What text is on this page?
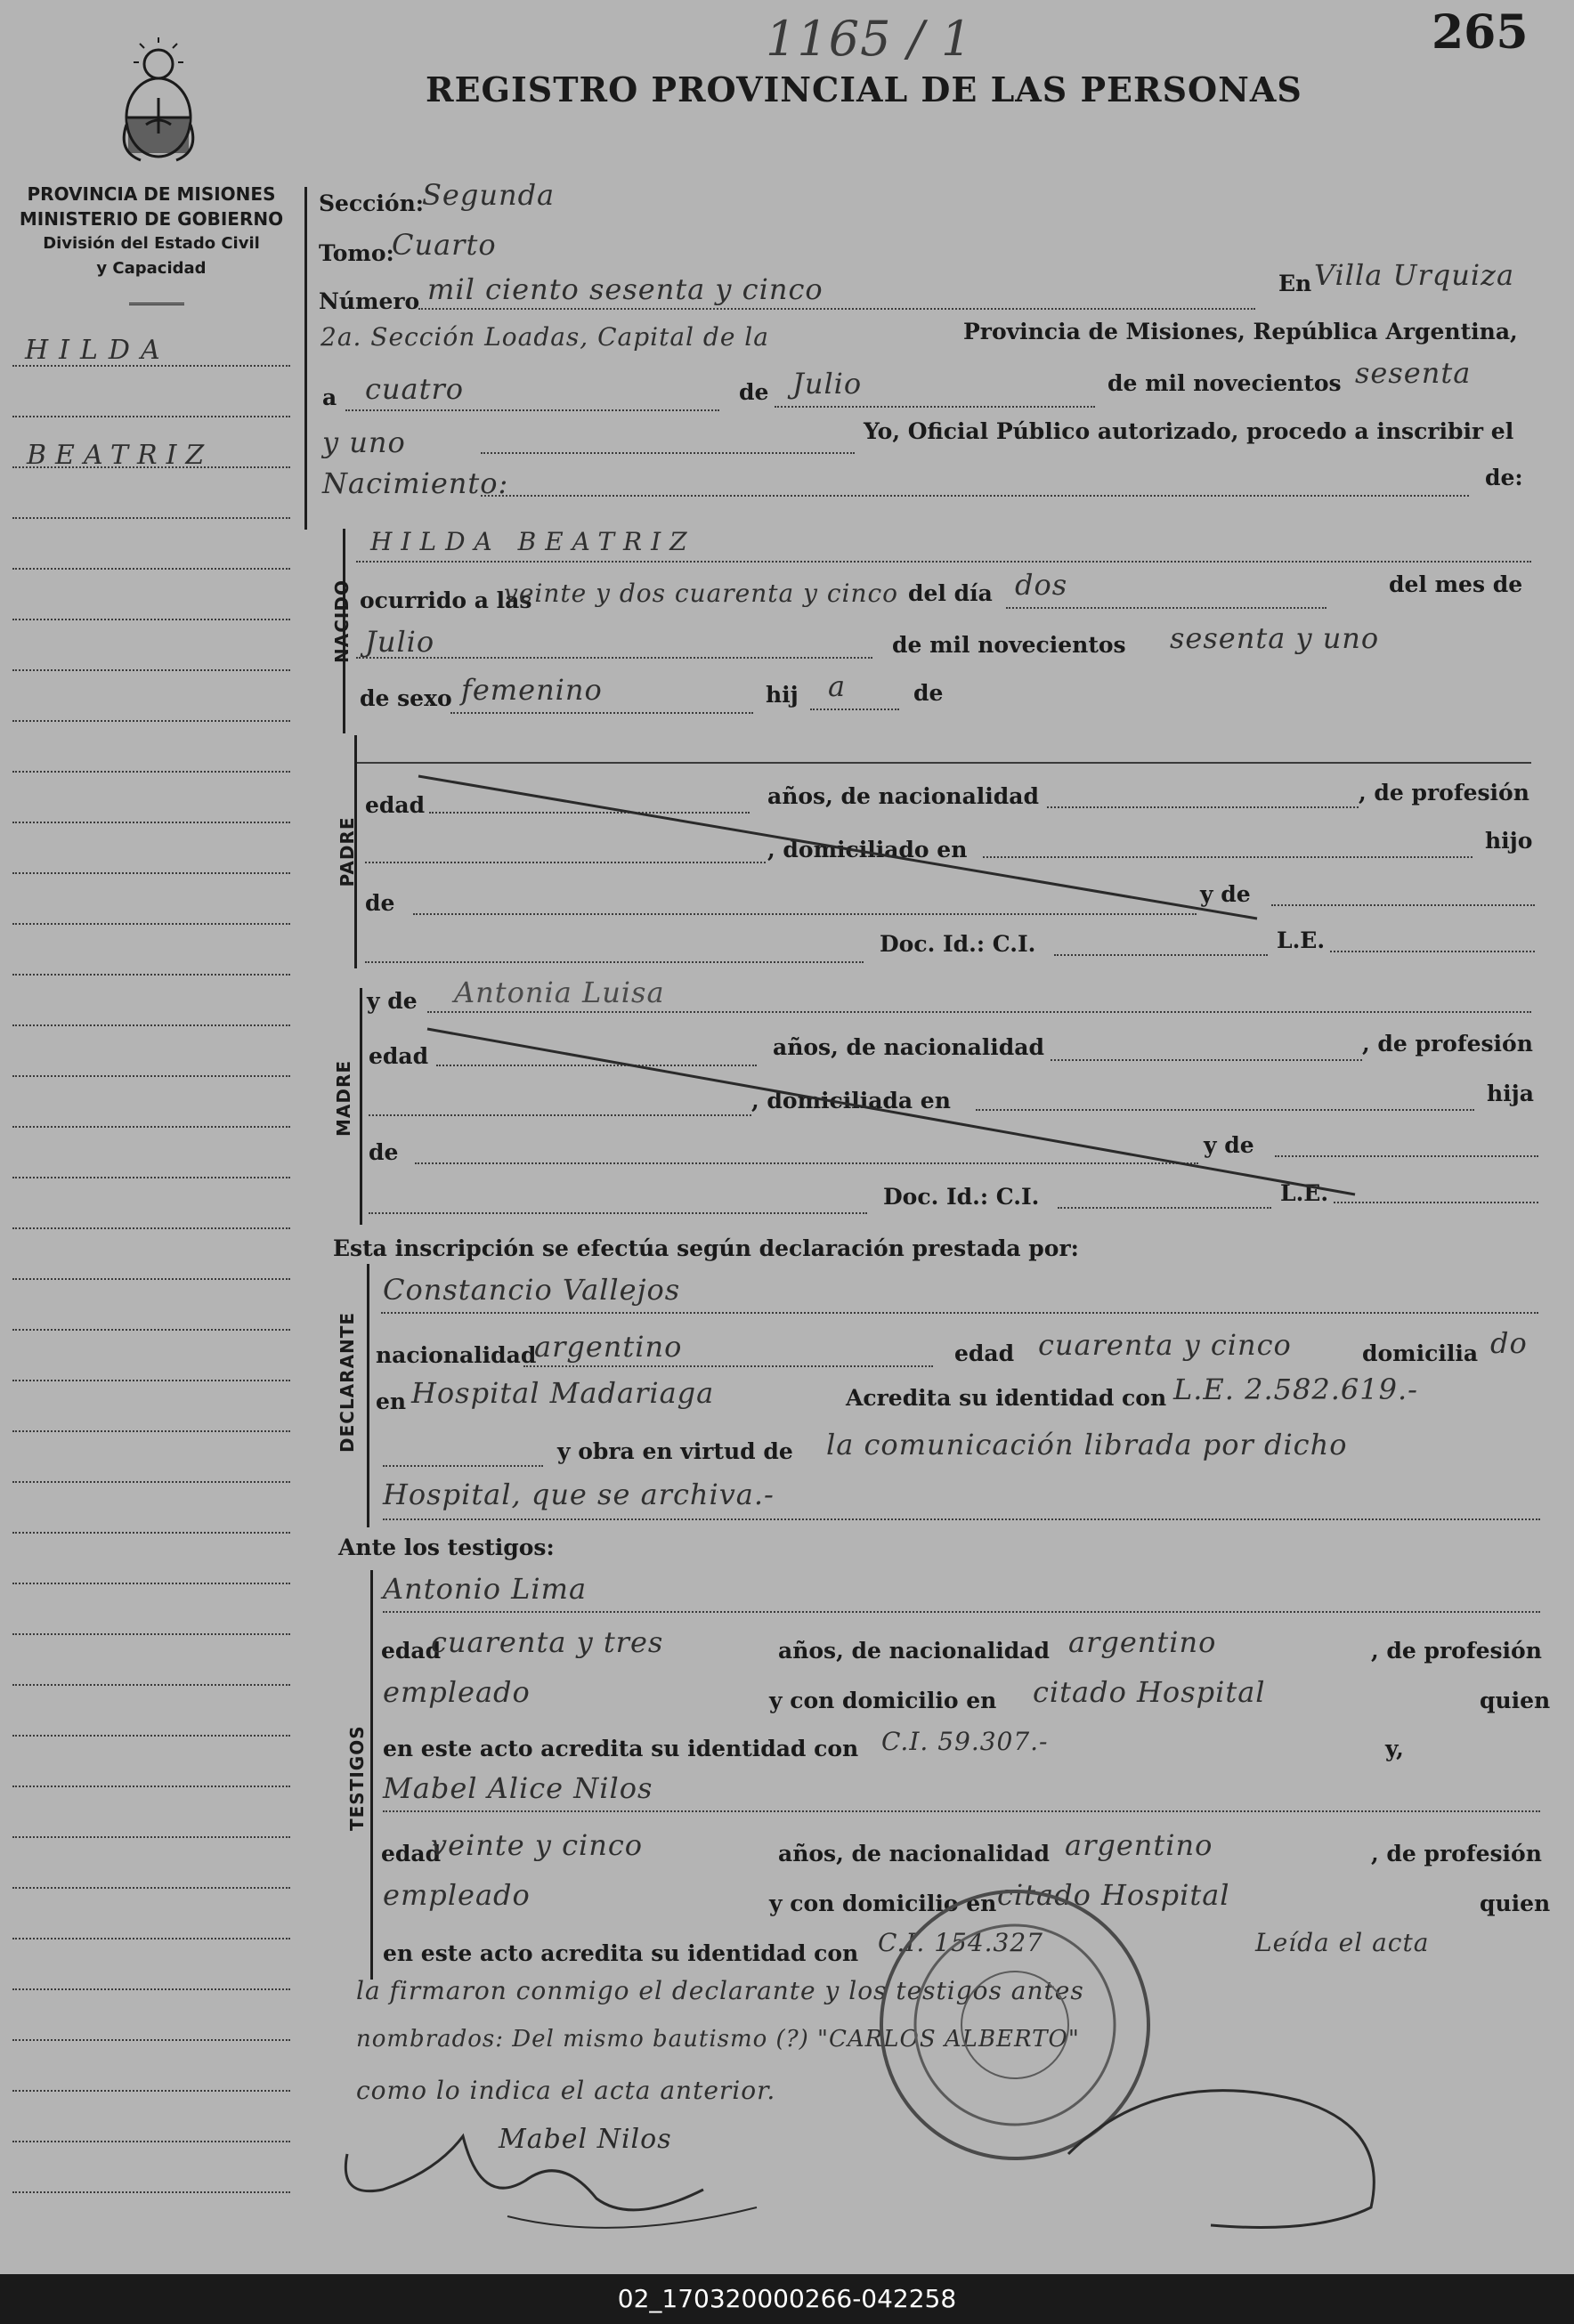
1165 / 1	265
REGISTRO PROVINCIAL DE LAS PERSONAS
PROVINCIA DE MISIONES
MINISTERIO DE GOBIERNO
División del Estado Civil
y Capacidad
HILDA
BEATRIZ
Sección:
Segunda
Tomo:
Cuarto
Número mil ciento sesenta y cinco	En Villa Urquiza
2a. Sección Loadas, Capital de la	Provincia de Misiones, República Argentina,
a cuatro	de Julio	de mil novecientos sesenta
y uno	Yo, Oficial Público autorizado, procedo a inscribir el
Nacimiento:	de:
NACIDO
HILDA BEATRIZ
ocurrido a las
veinte y dos cuarenta y cinco del día dos	del mes de
Julio	de mil novecientos sesenta y uno
de sexo femenino	hij a	de
PADRE
edad	años, de nacionalidad	, de profesión
, domiciliado en	hijo
de	y de
Doc. Id.: C.I.	L.E.
y de Antonia Luisa
MADRE
edad	años, de nacionalidad	, de profesión
, domiciliada en	hija
de	y de
Doc. Id.: C.I.	L.E.
Esta inscripción se efectúa según declaración prestada por:
DECLARANTE
Constancio Vallejos
nacionalidad
argentino	edad cuarenta y cinco	domicilia do
en Hospital Madariaga	Acredita su identidad con L.E. 2.582.619.-
y obra en virtud de la comunicación librada por dicho
Hospital, que se archiva.-
Ante los testigos:
TESTIGOS
Antonio Lima
edad
cuarenta y tres	años, de nacionalidad argentino	, de profesión
empleado	y con domicilio en citado Hospital	quien
en este acto acredita su identidad con C.I. 59.307.-	y,
Mabel Alice Nilos
edad
veinte y cinco	años, de nacionalidad argentino	, de profesión
empleado	y con domicilio en citado Hospital	quien
en este acto acredita su identidad con C.I. 154.327	Leída el acta
la firmaron conmigo el declarante y los testigos antes
nombrados: Del mismo bautismo (?) "CARLOS ALBERTO"
como lo indica el acta anterior.
Mabel Nilos
02_170320000266-042258
